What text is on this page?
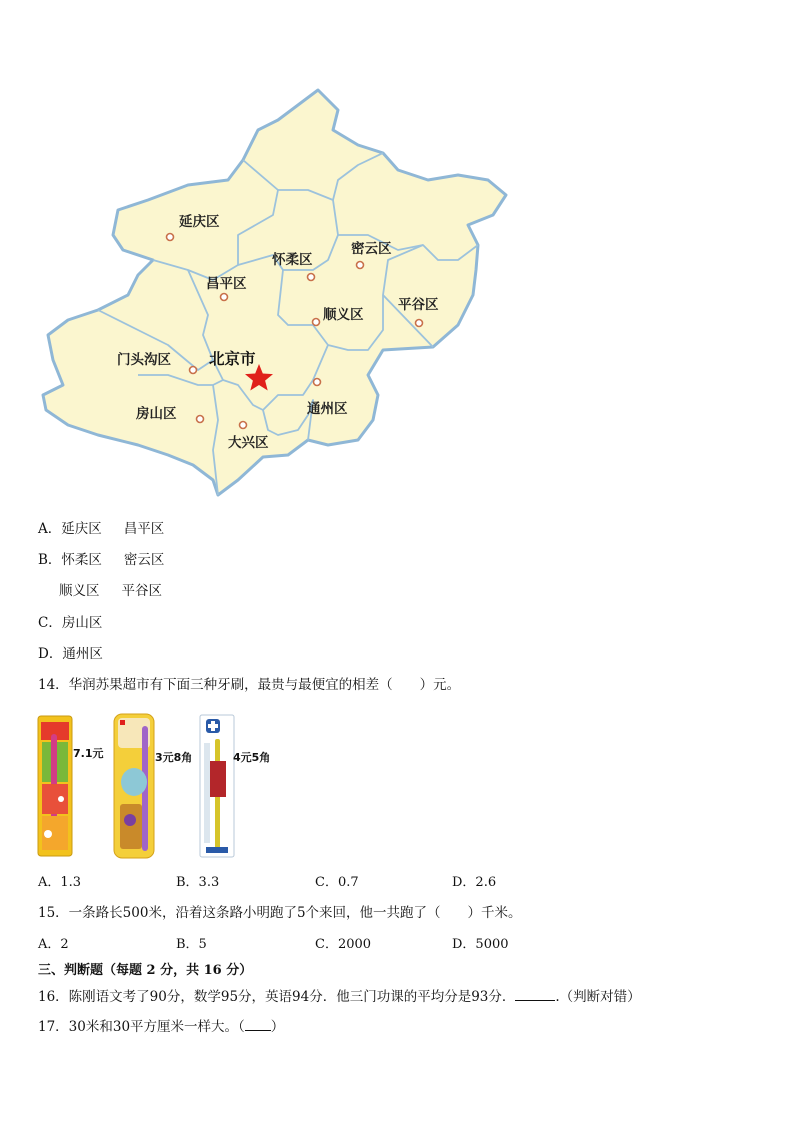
延庆区
怀柔区
密云区
昌平区
顺义区
平谷区
门头沟区
房山区	通州区
大兴区
北京市
A．延庆区 昌平区
B．怀柔区 密云区
顺义区 平谷区
C．房山区
D．通州区
14．华润苏果超市有下面三种牙刷，最贵与最便宜的相差（　　）元。
7.1元	3元8角	4元5角
A．1.3	B．3.3	C．0.7	D．2.6
15．一条路长500米，沿着这条路小明跑了5个来回，他一共跑了（　　）千米。
A．2	B．5	C．2000	D．5000
三、判断题（每题 2 分，共 16 分）
16．陈刚语文考了90分，数学95分，英语94分．他三门功课的平均分是93分．	.（判断对错）
17．30米和30平方厘米一样大。（ ）
